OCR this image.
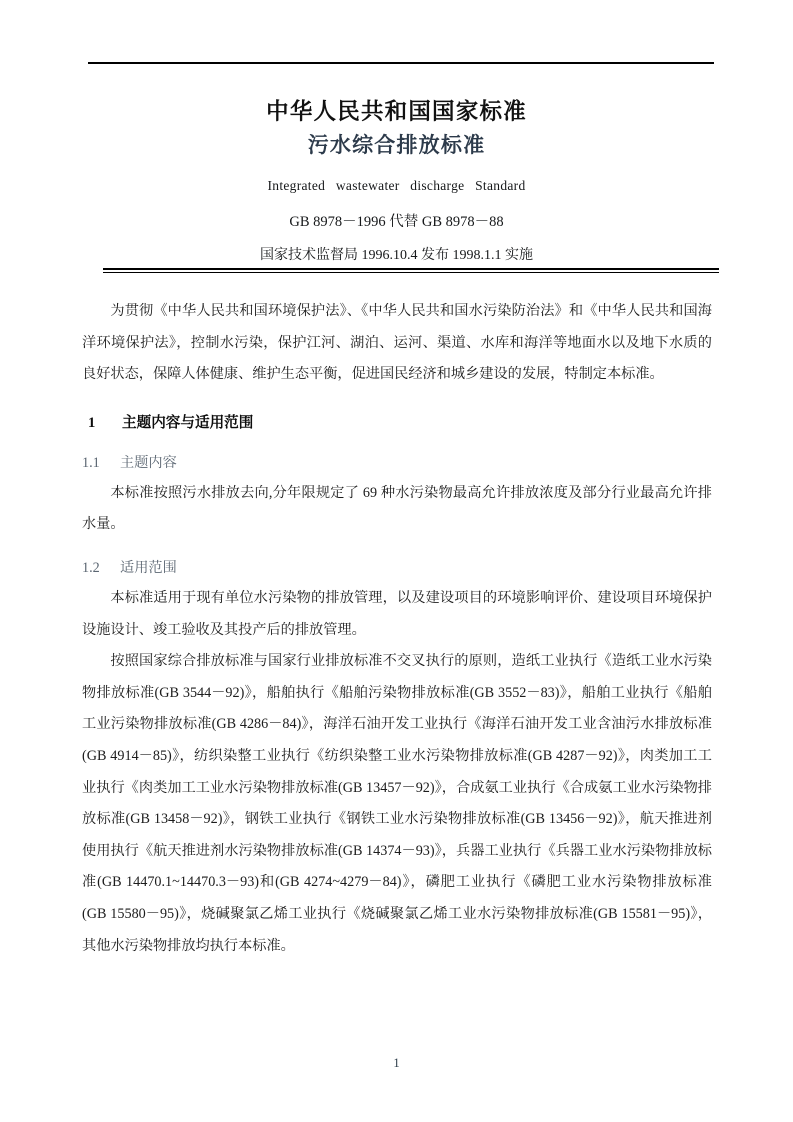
中华人民共和国国家标准
污水综合排放标准
Integrated wastewater discharge Standard
GB 8978－1996 代替 GB 8978－88
国家技术监督局 1996.10.4 发布 1998.1.1 实施

为贯彻《中华人民共和国环境保护法》、《中华人民共和国水污染防治法》和《中华人民共和国海洋环境保护法》，控制水污染，保护江河、湖泊、运河、渠道、水库和海洋等地面水以及地下水质的良好状态，保障人体健康、维护生态平衡，促进国民经济和城乡建设的发展，特制定本标准。

1 主题内容与适用范围
1.1 主题内容

本标准按照污水排放去向,分年限规定了 69 种水污染物最高允许排放浓度及部分行业最高允许排水量。

1.2 适用范围

本标准适用于现有单位水污染物的排放管理，以及建设项目的环境影响评价、建设项目环境保护设施设计、竣工验收及其投产后的排放管理。

按照国家综合排放标准与国家行业排放标准不交叉执行的原则，造纸工业执行《造纸工业水污染物排放标准(GB 3544－92)》，船舶执行《船舶污染物排放标准(GB 3552－83)》，船舶工业执行《船舶工业污染物排放标准(GB 4286－84)》，海洋石油开发工业执行《海洋石油开发工业含油污水排放标准(GB 4914－85)》，纺织染整工业执行《纺织染整工业水污染物排放标准(GB 4287－92)》，肉类加工工业执行《肉类加工工业水污染物排放标准(GB 13457－92)》，合成氨工业执行《合成氨工业水污染物排放标准(GB 13458－92)》，钢铁工业执行《钢铁工业水污染物排放标准(GB 13456－92)》，航天推进剂使用执行《航天推进剂水污染物排放标准(GB 14374－93)》，兵器工业执行《兵器工业水污染物排放标准(GB 14470.1~14470.3－93)和(GB 4274~4279－84)》，磷肥工业执行《磷肥工业水污染物排放标准(GB 15580－95)》，烧碱聚氯乙烯工业执行《烧碱聚氯乙烯工业水污染物排放标准(GB 15581－95)》，其他水污染物排放均执行本标准。

1
